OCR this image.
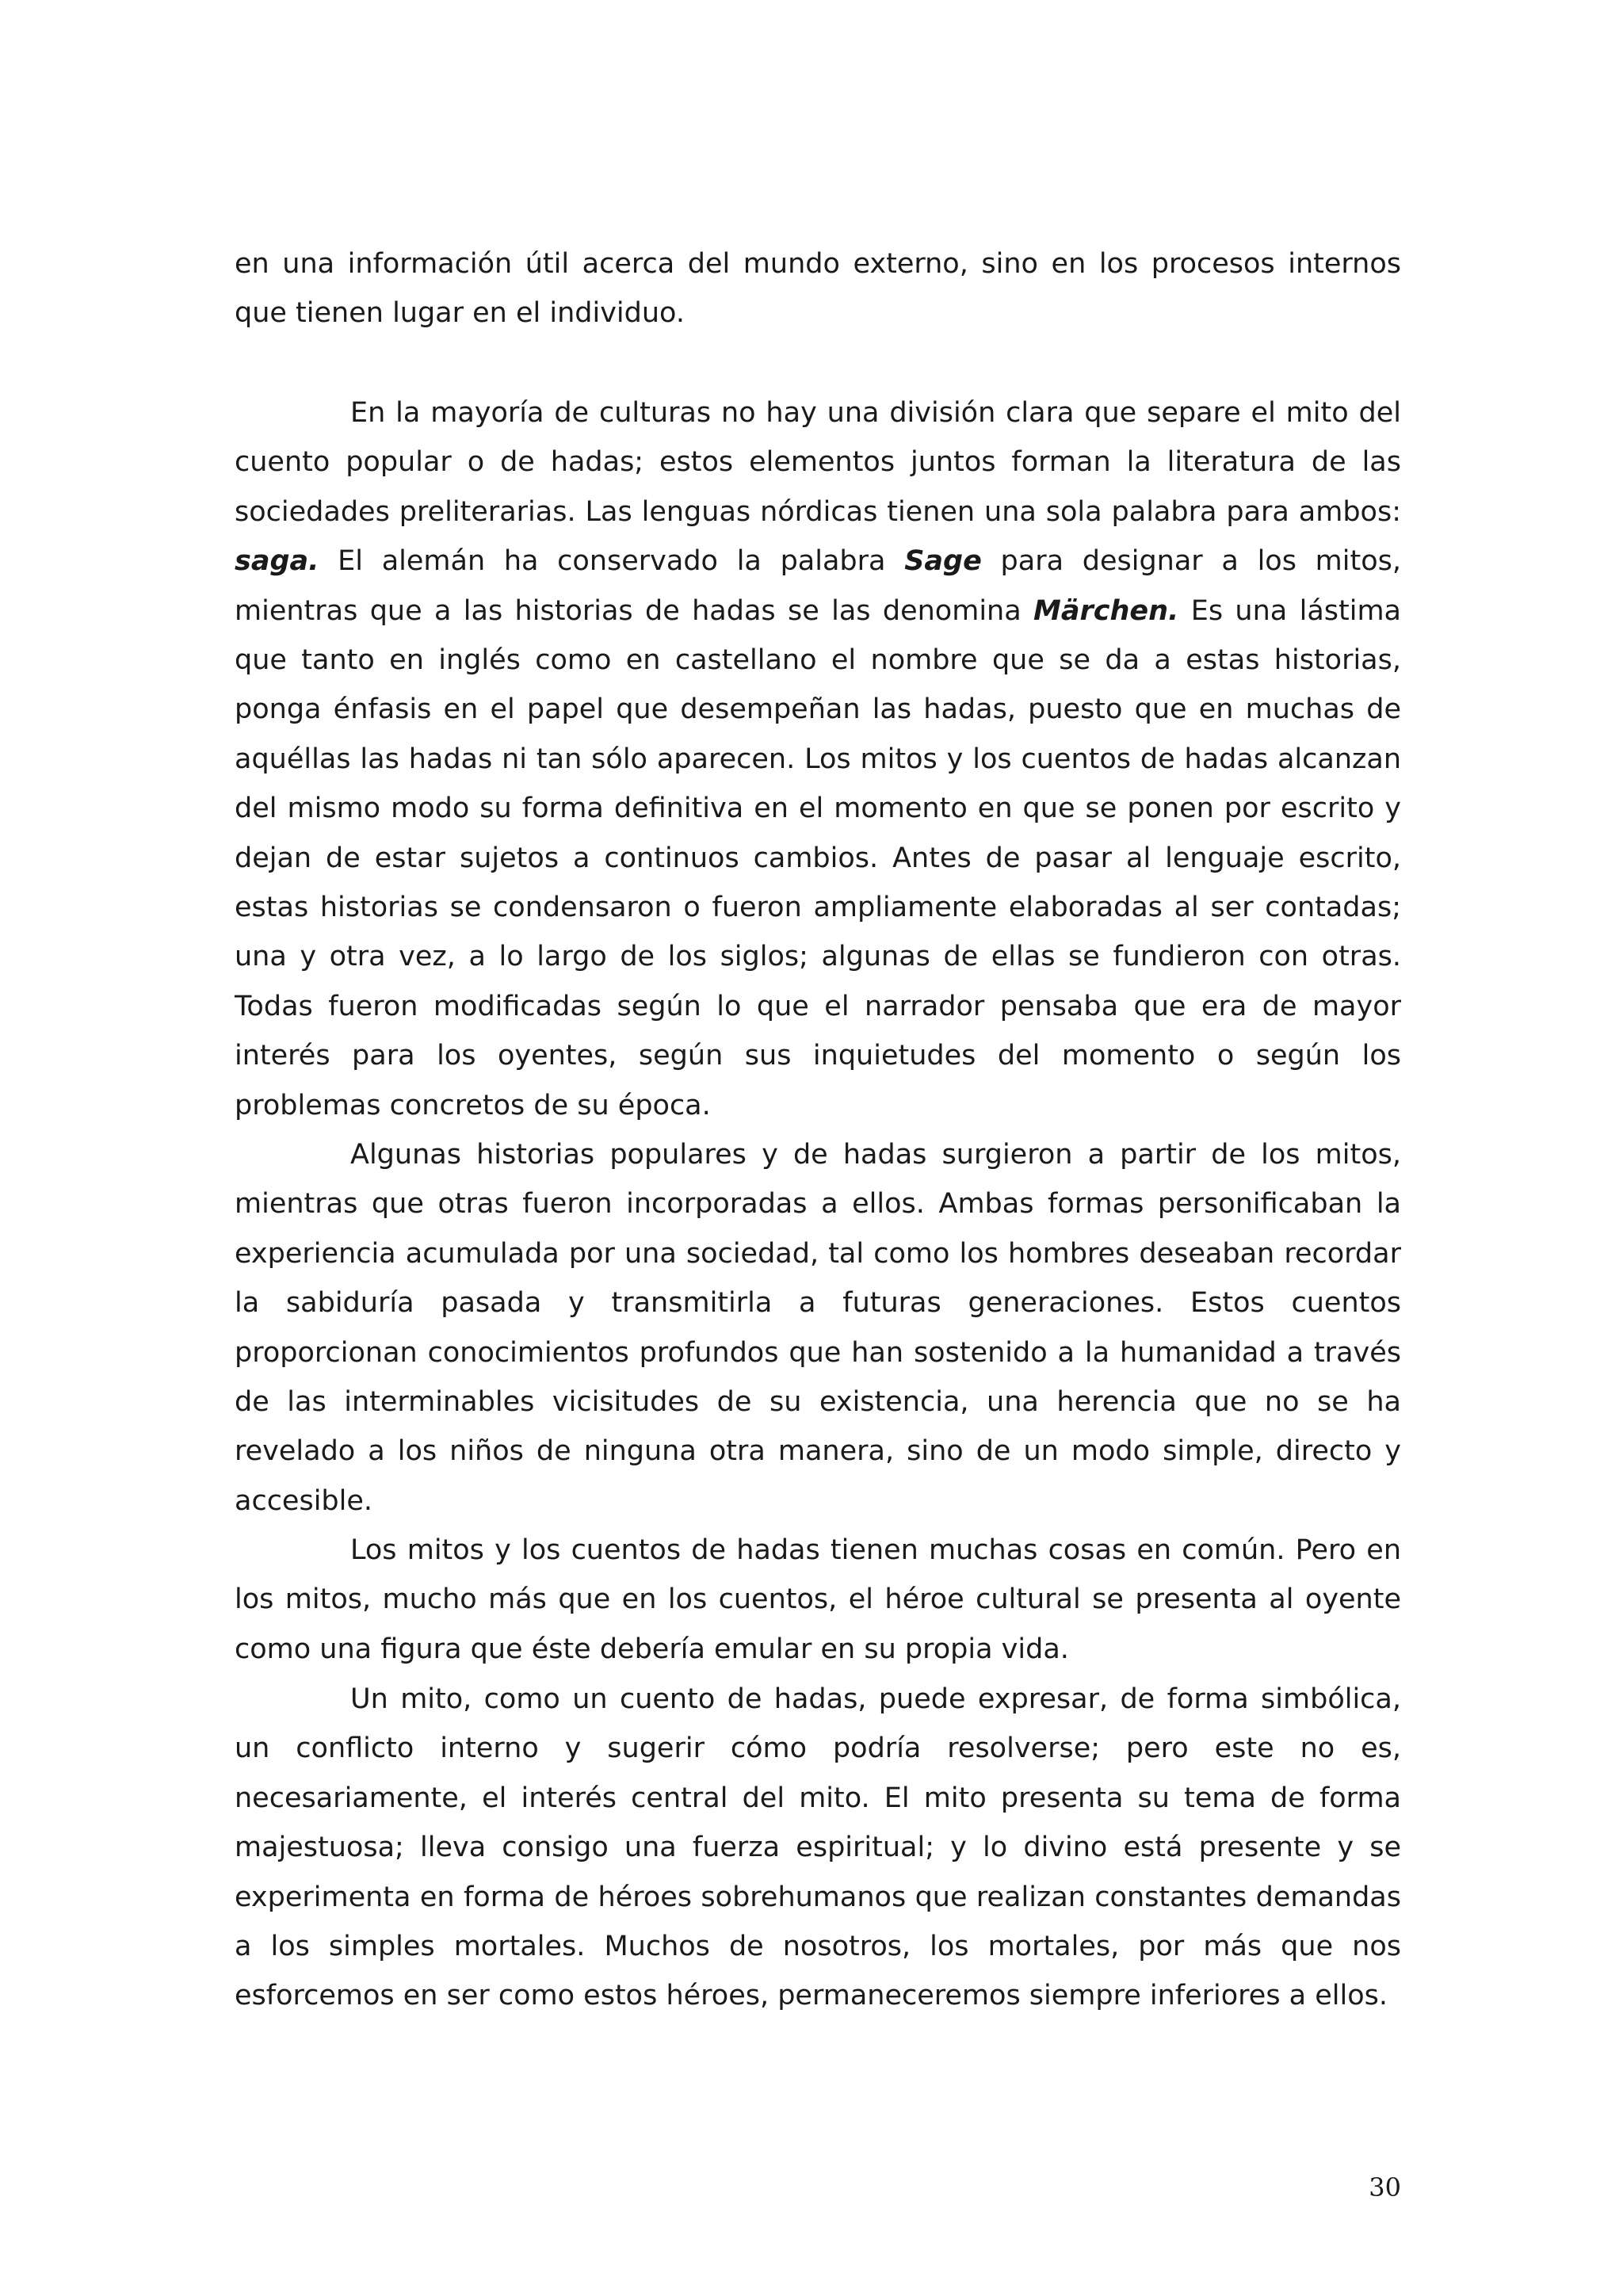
en una información útil acerca del mundo externo, sino en los procesos internos que tienen lugar en el individuo.

En la mayoría de culturas no hay una división clara que separe el mito del cuento popular o de hadas; estos elementos juntos forman la literatura de las sociedades preliterarias. Las lenguas nórdicas tienen una sola palabra para ambos: saga. El alemán ha conservado la palabra Sage para designar a los mitos, mientras que a las historias de hadas se las denomina Märchen. Es una lástima que tanto en inglés como en castellano el nombre que se da a estas historias, ponga énfasis en el papel que desempeñan las hadas, puesto que en muchas de aquéllas las hadas ni tan sólo aparecen. Los mitos y los cuentos de hadas alcanzan del mismo modo su forma definitiva en el momento en que se ponen por escrito y dejan de estar sujetos a continuos cambios. Antes de pasar al lenguaje escrito, estas historias se condensaron o fueron ampliamente elaboradas al ser contadas; una y otra vez, a lo largo de los siglos; algunas de ellas se fundieron con otras. Todas fueron modificadas según lo que el narrador pensaba que era de mayor interés para los oyentes, según sus inquietudes del momento o según los problemas concretos de su época.

Algunas historias populares y de hadas surgieron a partir de los mitos, mientras que otras fueron incorporadas a ellos. Ambas formas personificaban la experiencia acumulada por una sociedad, tal como los hombres deseaban recordar la sabiduría pasada y transmitirla a futuras generaciones. Estos cuentos proporcionan conocimientos profundos que han sostenido a la humanidad a través de las interminables vicisitudes de su existencia, una herencia que no se ha revelado a los niños de ninguna otra manera, sino de un modo simple, directo y accesible.

Los mitos y los cuentos de hadas tienen muchas cosas en común. Pero en los mitos, mucho más que en los cuentos, el héroe cultural se presenta al oyente como una figura que éste debería emular en su propia vida.

Un mito, como un cuento de hadas, puede expresar, de forma simbólica, un conflicto interno y sugerir cómo podría resolverse; pero este no es, necesariamente, el interés central del mito. El mito presenta su tema de forma majestuosa; lleva consigo una fuerza espiritual; y lo divino está presente y se experimenta en forma de héroes sobrehumanos que realizan constantes demandas a los simples mortales. Muchos de nosotros, los mortales, por más que nos esforcemos en ser como estos héroes, permaneceremos siempre inferiores a ellos.

30
